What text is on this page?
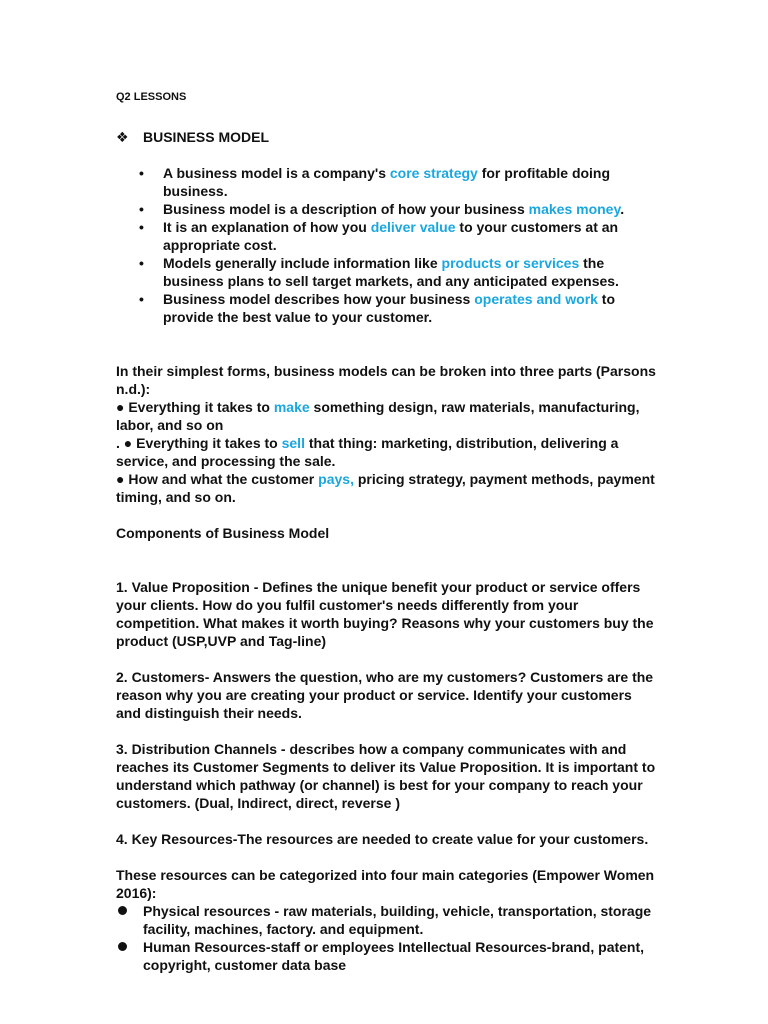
Q2 LESSONS
❖	BUSINESS MODEL
• A business model is a company's core strategy for profitable doing business.
• Business model is a description of how your business makes money.
• It is an explanation of how you deliver value to your customers at an appropriate cost.
• Models generally include information like products or services the business plans to sell target markets, and any anticipated expenses.
• Business model describes how your business operates and work to provide the best value to your customer.

In their simplest forms, business models can be broken into three parts (Parsons n.d.):

● Everything it takes to make something design, raw materials, manufacturing, labor, and so on

. ● Everything it takes to sell that thing: marketing, distribution, delivering a service, and processing the sale.

● How and what the customer pays, pricing strategy, payment methods, payment timing, and so on.

Components of Business Model

1. Value Proposition - Defines the unique benefit your product or service offers your clients. How do you fulfil customer's needs differently from your competition. What makes it worth buying? Reasons why your customers buy the product (USP,UVP and Tag-line)

2. Customers- Answers the question, who are my customers? Customers are the reason why you are creating your product or service. Identify your customers and distinguish their needs.

3. Distribution Channels - describes how a company communicates with and reaches its Customer Segments to deliver its Value Proposition. It is important to understand which pathway (or channel) is best for your company to reach your customers. (Dual, Indirect, direct, reverse )

4. Key Resources-The resources are needed to create value for your customers.

These resources can be categorized into four main categories (Empower Women 2016):

Physical resources - raw materials, building, vehicle, transportation, storage facility, machines, factory. and equipment.
Human Resources-staff or employees Intellectual Resources-brand, patent, copyright, customer data base
